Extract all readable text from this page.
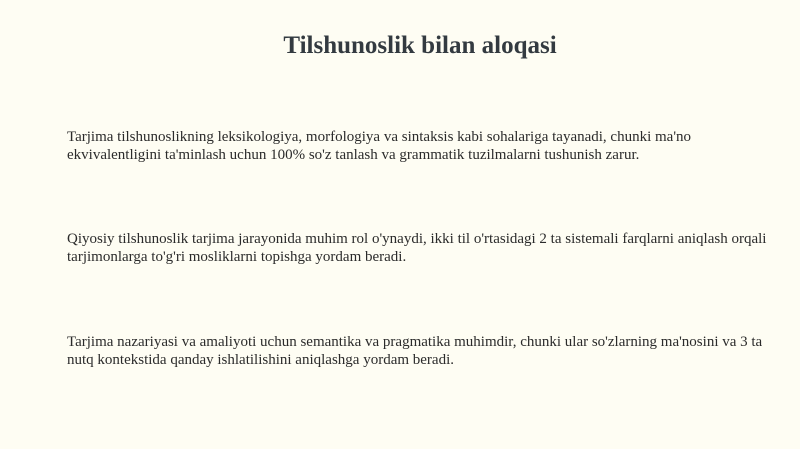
Tilshunoslik bilan aloqasi

Tarjima tilshunoslikning leksikologiya, morfologiya va sintaksis kabi sohalariga tayanadi, chunki ma'no ekvivalentligini ta'minlash uchun 100% so'z tanlash va grammatik tuzilmalarni tushunish zarur.

Qiyosiy tilshunoslik tarjima jarayonida muhim rol o'ynaydi, ikki til o'rtasidagi 2 ta sistemali farqlarni aniqlash orqali tarjimonlarga to'g'ri mosliklarni topishga yordam beradi.

Tarjima nazariyasi va amaliyoti uchun semantika va pragmatika muhimdir, chunki ular so'zlarning ma'nosini va 3 ta nutq kontekstida qanday ishlatilishini aniqlashga yordam beradi.
